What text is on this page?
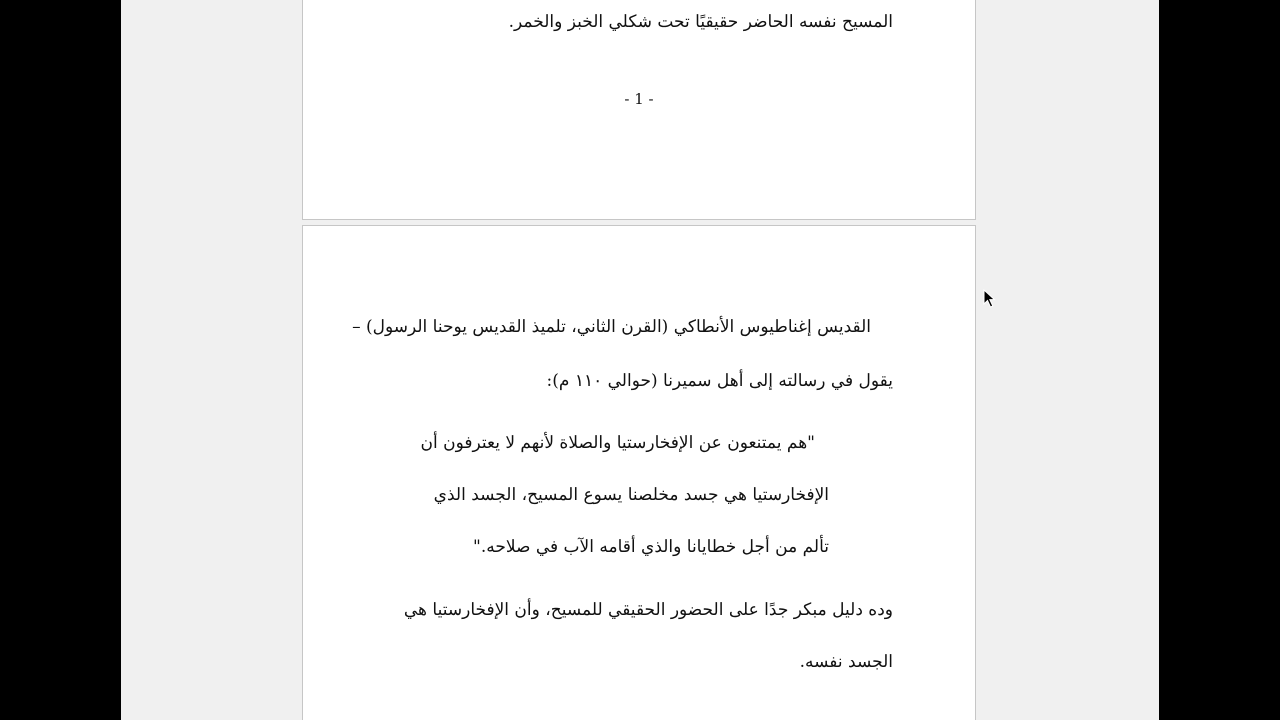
المسيح نفسه الحاضر حقيقيًا تحت شكلي الخبز والخمر.
- 1 -
القديس إغناطيوس الأنطاكي (القرن الثاني، تلميذ القديس يوحنا الرسول) –
يقول في رسالته إلى أهل سميرنا (حوالي ١١٠ م):
"هم يمتنعون عن الإفخارستيا والصلاة لأنهم لا يعترفون أن
الإفخارستيا هي جسد مخلصنا يسوع المسيح، الجسد الذي
تألم من أجل خطايانا والذي أقامه الآب في صلاحه."
وده دليل مبكر جدًا على الحضور الحقيقي للمسيح، وأن الإفخارستيا هي
الجسد نفسه.
